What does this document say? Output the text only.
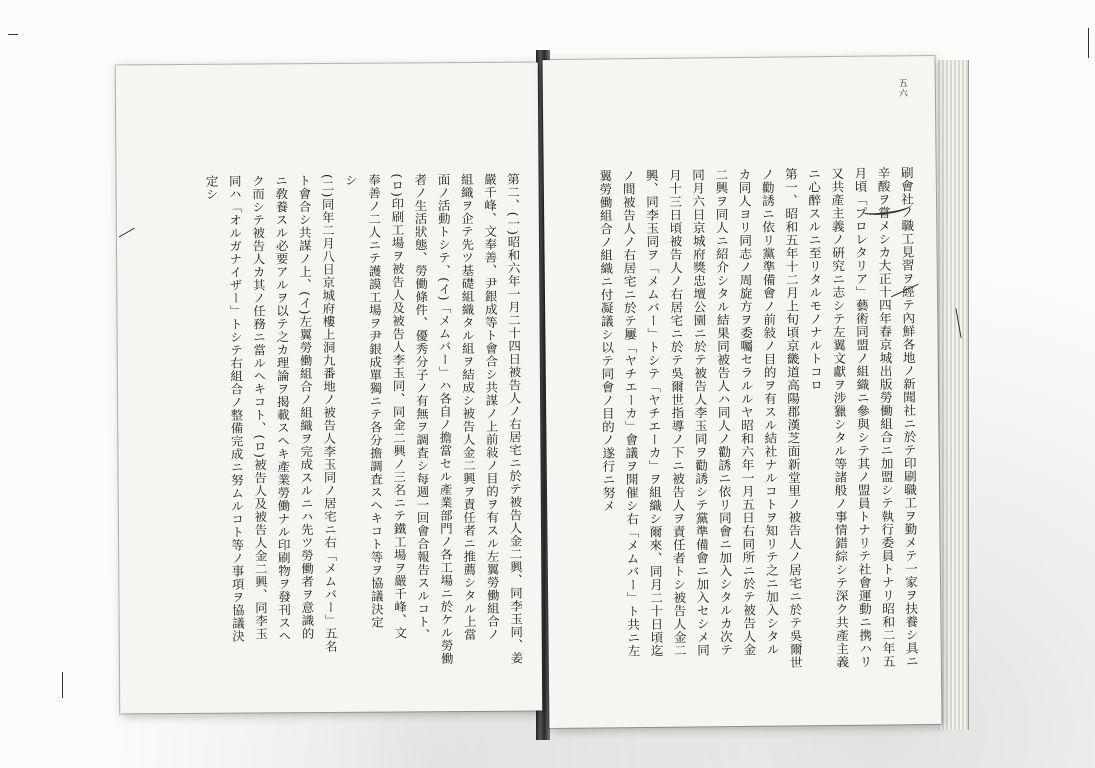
第二、(一)昭和六年一月二十四日被告人ノ右居宅ニ於テ被告人金二興、同李玉同、姜
嚴千峰、文奉善、尹銀成等ト會合シ共謀ノ上前敍ノ目的ヲ有スル左翼勞働組合ノ
組織ヲ企テ先ツ基礎組織タル組ヲ結成シ被告人金二興ヲ責任者ニ推薦シタル上當
面ノ活動トシテ、(イ)「メムバー」ハ各自ノ擔當セル產業部門ノ各工場ニ於ケル勞働
者ノ生活狀態、勞働條件、優秀分子ノ有無ヲ調査シ每週一回會合報告スルコト、
(ロ)印刷工場ヲ被告人及被告人李玉同、同金二興ノ三名ニテ鐵工場ヲ嚴千峰、文
奉善ノ二人ニテ護謨工場ヲ尹銀成單獨ニテ各分擔調査スヘキコト等ヲ協議決定
シ
(二)同年二月八日京城府樓上洞九番地ノ被告人李玉同ノ居宅ニ右「メムバー」五名
ト會合シ共謀ノ上、(イ)左翼勞働組合ノ組織ヲ完成スルニハ先ツ勞働者ヲ意識的
ニ敎養スル必要アルヲ以テ之カ理論ヲ揭載スヘキ產業勞働ナル印刷物ヲ發刊スヘ
ク而シテ被告人カ其ノ任務ニ當ルヘキコト、(ロ)被告人及被告人金二興、同李玉
同ハ「オルガナイザー」トシテ右組合ノ整備完成ニ努ムルコト等ノ事項ヲ協議決
定シ
五六
刷會社ノ職工見習ヲ經テ內鮮各地ノ新聞社ニ於テ印刷職工ヲ勤メテ一家ヲ扶養シ具ニ
辛酸ヲ嘗メシカ大正十四年春京城出版勞働組合ニ加盟シテ執行委員トナリ昭和二年五
月頃「プロレタリア」藝術同盟ノ組織ニ參與シテ其ノ盟員トナリテ社會運動ニ携ハリ
又共產主義ノ硏究ニ志シテ左翼文獻ヲ涉獵シタル等諸般ノ事情錯綜シテ深ク共產主義
ニ心醉スルニ至リタルモノナルトコロ
第一、昭和五年十二月上旬頃京畿道高陽郡漢芝面新堂里ノ被告人ノ居宅ニ於テ吳爾世
ノ勸誘ニ依リ黨準備會ノ前敍ノ目的ヲ有スル結社ナルコトヲ知リテ之ニ加入シタル
カ同人ヨリ同志ノ周旋方ヲ委囑セラルルヤ昭和六年一月五日右同所ニ於テ被告人金
二興ヲ同人ニ紹介シタル結果同被告人ハ同人ノ勸誘ニ依リ同會ニ加入シタルカ次テ
同月六日京城府獎忠壇公園ニ於テ被告人李玉同ヲ勸誘シテ黨準備會ニ加入セシメ同
月十三日頃被告人ノ右居宅ニ於テ吳爾世指導ノ下ニ被告人ヲ責任者トシ被告人金二
興、同李玉同ヲ「メムバー」トシテ「ヤチエーカ」ヲ組織シ爾來、同月二十日頃迄
ノ間被告人ノ右居宅ニ於テ屢「ヤチエーカ」會議ヲ開催シ右「メムバー」ト共ニ左
翼勞働組合ノ組織ニ付凝議シ以テ同會ノ目的ノ遂行ニ努メ
